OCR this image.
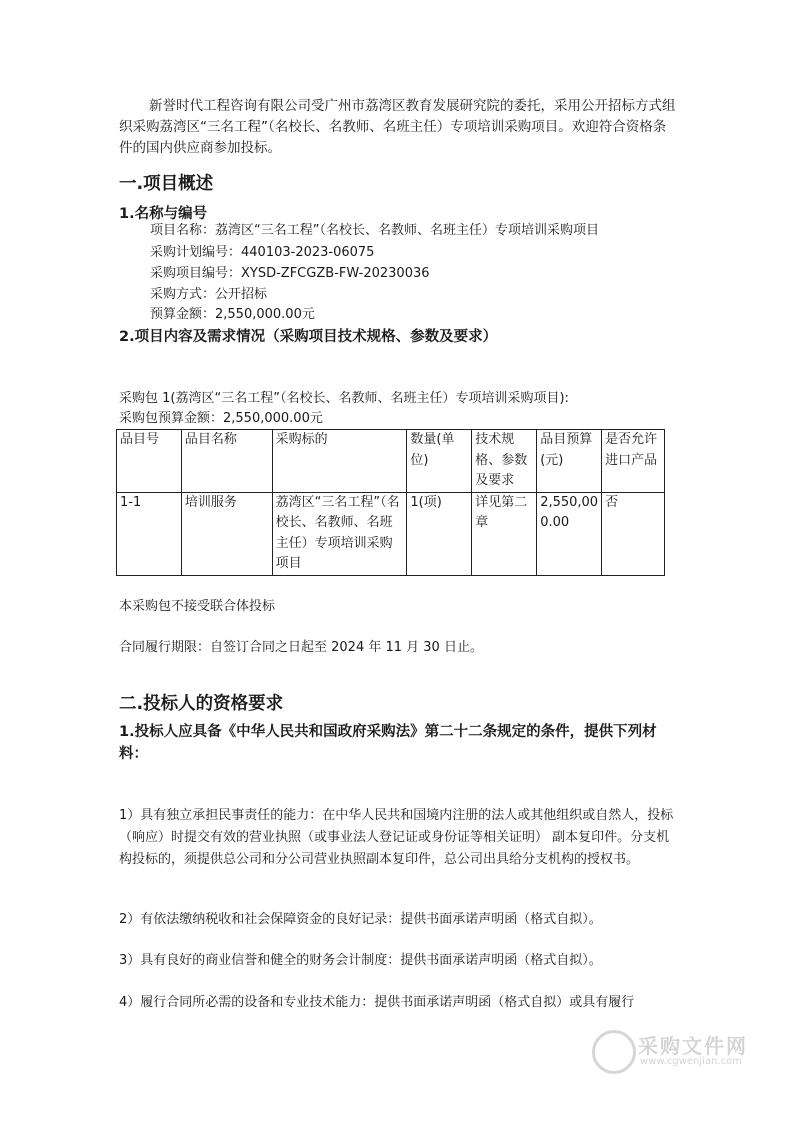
新誉时代工程咨询有限公司受广州市荔湾区教育发展研究院的委托，采用公开招标方式组织采购荔湾区“三名工程”（名校长、名教师、名班主任）专项培训采购项目。欢迎符合资格条件的国内供应商参加投标。
一.项目概述
1.名称与编号
项目名称：荔湾区“三名工程”（名校长、名教师、名班主任）专项培训采购项目
采购计划编号：440103-2023-06075
采购项目编号：XYSD-ZFCGZB-FW-20230036
采购方式：公开招标
预算金额：2,550,000.00元
2.项目内容及需求情况（采购项目技术规格、参数及要求）
采购包 1(荔湾区“三名工程”（名校长、名教师、名班主任）专项培训采购项目):
采购包预算金额：2,550,000.00元
品目号	品目名称	采购标的	数量(单位)	技术规格、参数及要求	品目预算(元)	是否允许进口产品
1-1	培训服务	荔湾区“三名工程”（名校长、名教师、名班主任）专项培训采购项目	1(项)	详见第二章	2,550,000.00	否
本采购包不接受联合体投标
合同履行期限：自签订合同之日起至 2024 年 11 月 30 日止。
二.投标人的资格要求
1.投标人应具备《中华人民共和国政府采购法》第二十二条规定的条件，提供下列材料：
1）具有独立承担民事责任的能力：在中华人民共和国境内注册的法人或其他组织或自然人，投标（响应）时提交有效的营业执照（或事业法人登记证或身份证等相关证明） 副本复印件。分支机构投标的，须提供总公司和分公司营业执照副本复印件，总公司出具给分支机构的授权书。
2）有依法缴纳税收和社会保障资金的良好记录：提供书面承诺声明函（格式自拟）。
3）具有良好的商业信誉和健全的财务会计制度：提供书面承诺声明函（格式自拟）。
4）履行合同所必需的设备和专业技术能力：提供书面承诺声明函（格式自拟）或具有履行
采购文件网
www.cgwenjian.com
